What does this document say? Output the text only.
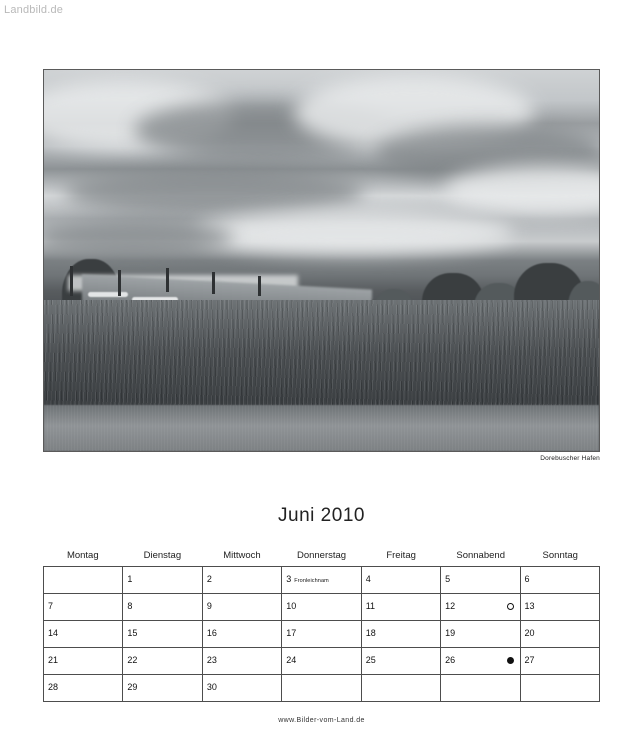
Landbild.de
Dorebuscher Hafen
Juni 2010
Montag	Dienstag	Mittwoch	Donnerstag	Freitag	Sonnabend	Sonntag
	1	2	3 Fronleichnam	4	5	6
7	8	9	10	11	12	13
14	15	16	17	18	19	20
21	22	23	24	25	26	27
28	29	30				
www.Bilder-vom-Land.de
